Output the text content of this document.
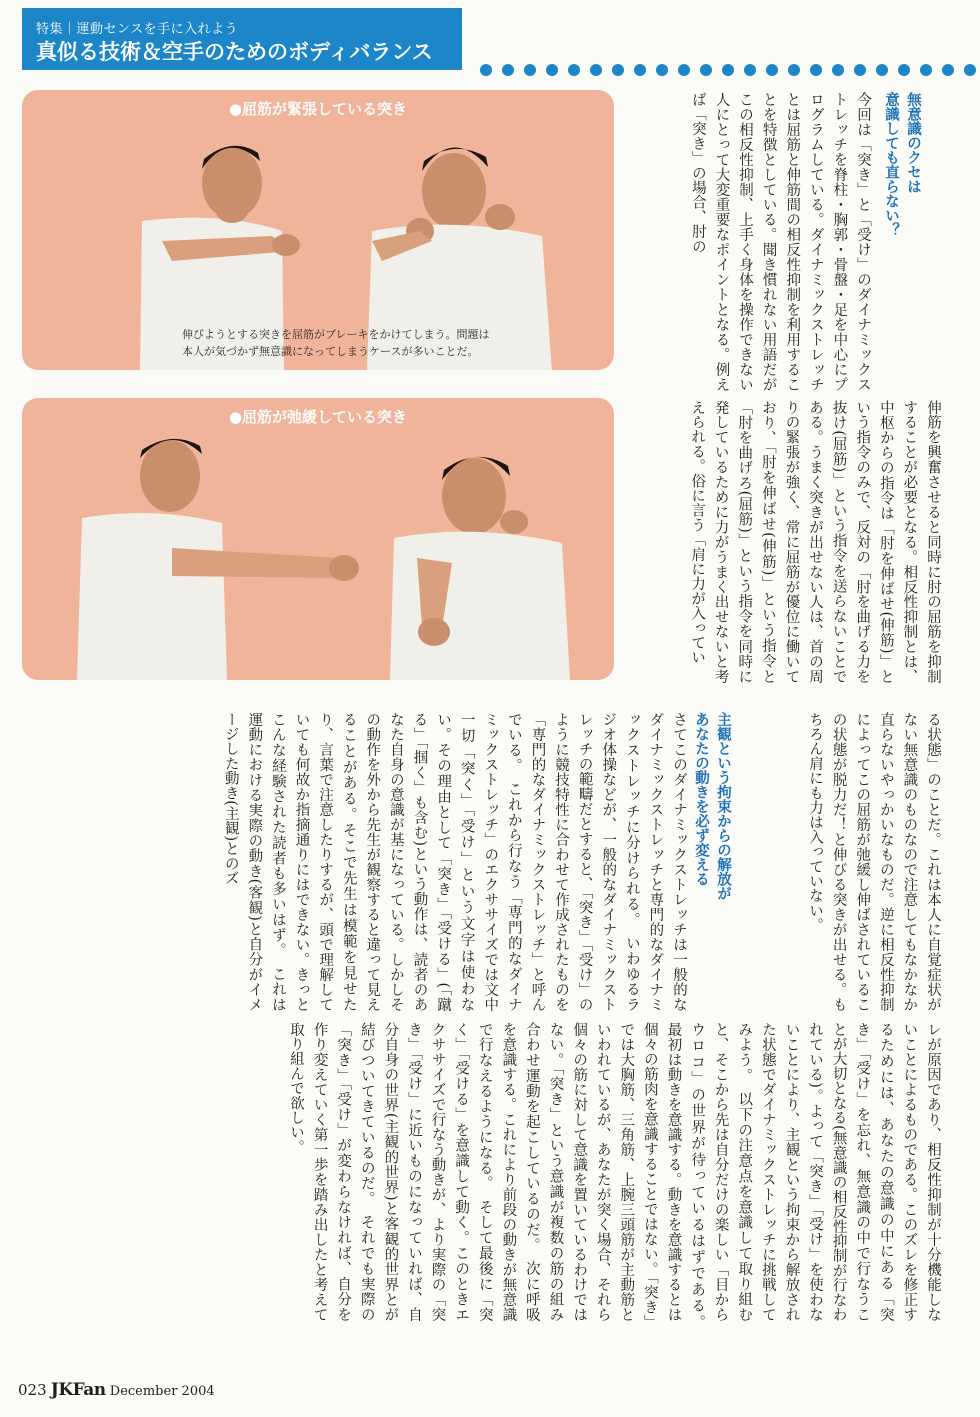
特集｜運動センスを手に入れよう
真似る技術＆空手のためのボディバランス
●屈筋が緊張している突き
伸びようとする突きを屈筋がブレーキをかけてしまう。問題は
本人が気づかず無意識になってしまうケースが多いことだ。
●屈筋が弛緩している突き
無意識のクセは
意識しても直らない？
主観という拘束からの解放が
あなたの動きを必ず変える
今回は「突き」と「受け」のダイナミックストレッチを脊柱・胸郭・骨盤・足を中心にプログラムしている。ダイナミックストレッチとは屈筋と伸筋間の相反性抑制を利用することを特徴としている。聞き慣れない用語だがこの相反性抑制、上手く身体を操作できない人にとって大変重要なポイントとなる。例えば「突き」の場合、肘の
伸筋を興奮させると同時に肘の屈筋を抑制することが必要となる。相反性抑制とは、中枢からの指令は「肘を伸ばせ(伸筋)」という指令のみで、反対の「肘を曲げる力を抜け(屈筋)」という指令を送らないことである。うまく突きが出せない人は、首の周りの緊張が強く、常に屈筋が優位に働いており、「肘を伸ばせ(伸筋)」という指令と「肘を曲げろ(屈筋)」という指令を同時に発しているために力がうまく出せないと考えられる。俗に言う「肩に力が入ってい
る状態」のことだ。これは本人に自覚症状がない無意識のものなので注意してもなかなか直らないやっかいなものだ。逆に相反性抑制によってこの屈筋が弛緩し伸ばされているこの状態が脱力だ！と伸びる突きが出せる。もちろん肩にも力は入っていない。
さてこのダイナミックストレッチは一般的なダイナミックストレッチと専門的なダイナミックストレッチに分けられる。　いわゆるラジオ体操などが、一般的なダイナミックストレッチの範疇だとすると、「突き」「受け」のように競技特性に合わせて作成されたものを「専門的なダイナミックストレッチ」と呼んでいる。　これから行なう「専門的なダイナミックストレッチ」のエクササイズでは文中一切「突く」「受け」という文字は使わない。その理由として「突き」「受ける」(「蹴る」「掴く」も含む)という動作は、読者のあなた自身の意識が基になっている。しかしその動作を外から先生が観察すると違って見えることがある。そこで先生は模範を見せたり、言葉で注意したりするが、頭で理解していても何故か指摘通りにはできない。きっとこんな経験された読者も多いはず。　これは運動における実際の動き(客観)と自分がイメージした動き(主観)とのズ
レが原因であり、相反性抑制が十分機能しないことによるものである。このズレを修正するためには、あなたの意識の中にある「突き」「受け」を忘れ、無意識の中で行なうことが大切となる(無意識の相反性抑制が行なわれている)。よって「突き」「受け」を使わないことにより、主観という拘束から解放された状態でダイナミックストレッチに挑戦してみよう。　以下の注意点を意識して取り組むと、そこから先は自分だけの楽しい「目からウロコ」の世界が待っているはずである。　最初は動きを意識する。動きを意識するとは個々の筋肉を意識することではない。「突き」では大胸筋、三角筋、上腕三頭筋が主動筋といわれているが、あなたが突く場合、それら個々の筋に対して意識を置いているわけではない。「突き」という意識が複数の筋の組み合わせ運動を起こしているのだ。　次に呼吸を意識する。これにより前段の動きが無意識で行なえるようになる。　そして最後に「突く」「受ける」を意識して動く。このときエクササイズで行なう動きが、より実際の「突き」「受け」に近いものになっていれば、自分自身の世界(主観的世界)と客観的世界とが結びついてきているのだ。　それでも実際の「突き」「受け」が変わらなければ、自分を作り変えていく第一歩を踏み出したと考えて取り組んで欲しい。
023 JKFan December 2004
